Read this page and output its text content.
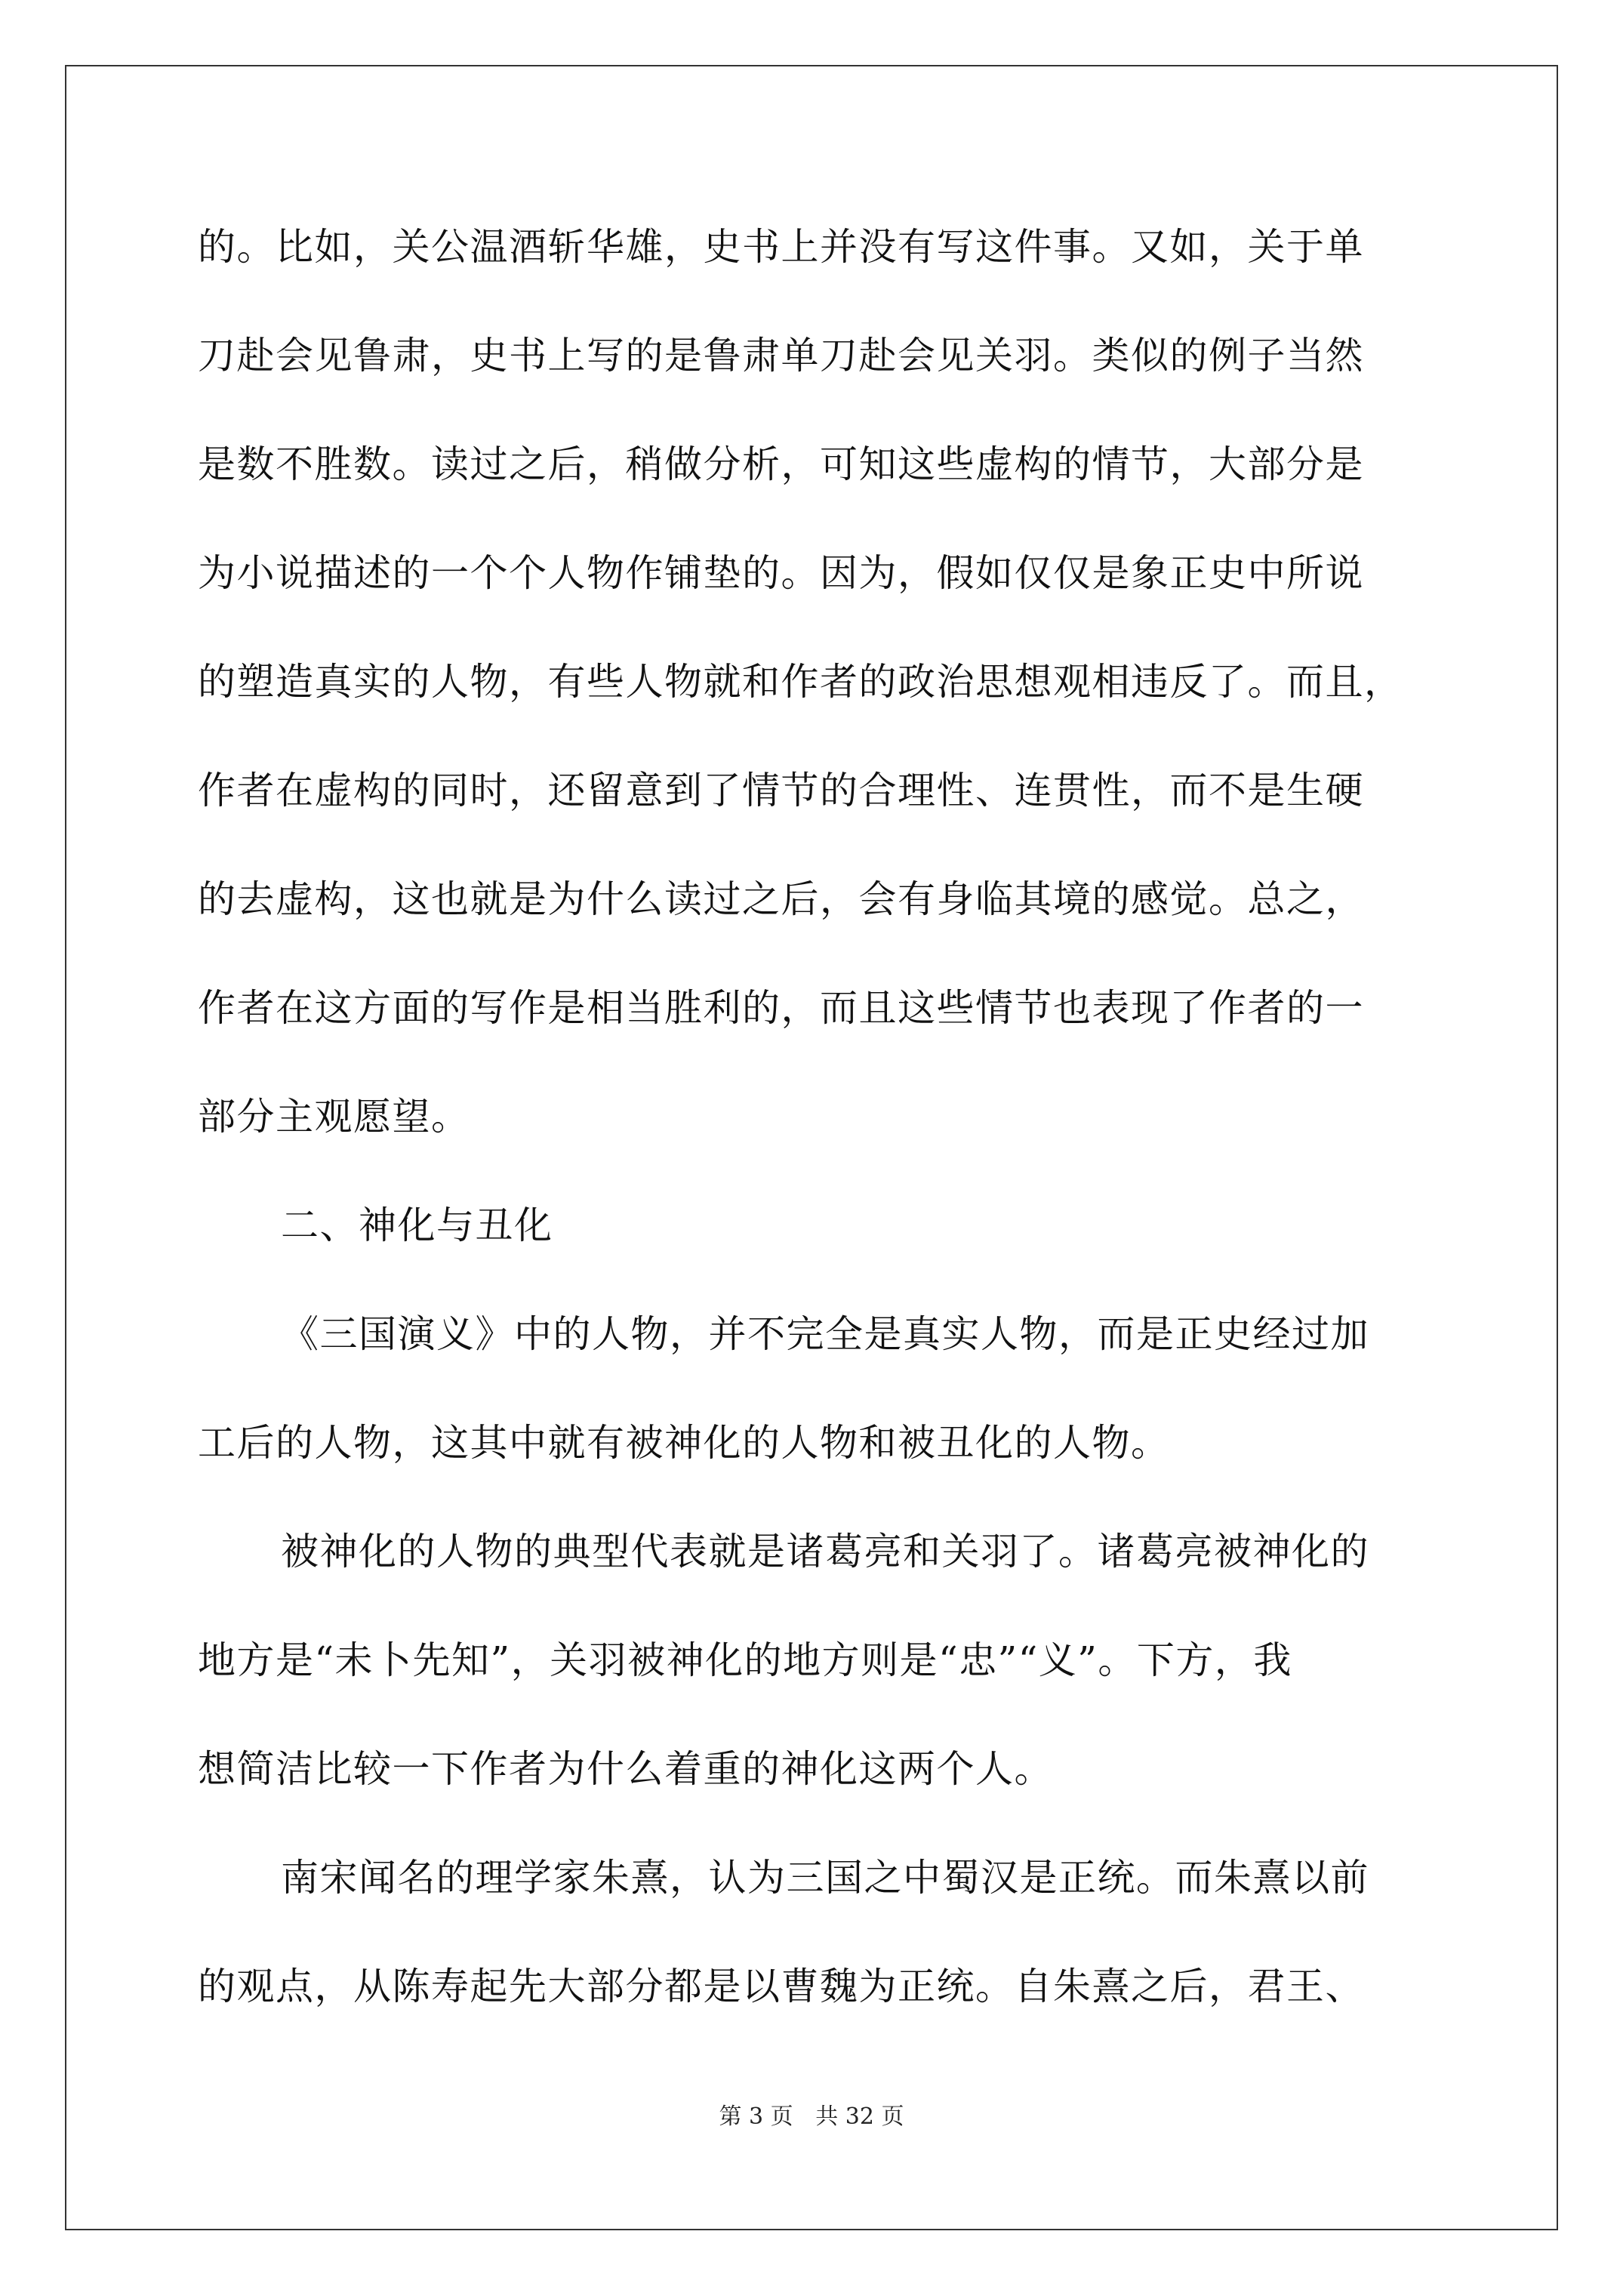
的。比如，关公温酒斩华雄，史书上并没有写这件事。又如，关于单
刀赴会见鲁肃，史书上写的是鲁肃单刀赴会见关羽。类似的例子当然
是数不胜数。读过之后，稍做分析，可知这些虚构的情节，大部分是
为小说描述的一个个人物作铺垫的。因为，假如仅仅是象正史中所说
的塑造真实的人物，有些人物就和作者的政治思想观相违反了。而且，
作者在虚构的同时，还留意到了情节的合理性、连贯性，而不是生硬
的去虚构，这也就是为什么读过之后，会有身临其境的感觉。总之，
作者在这方面的写作是相当胜利的，而且这些情节也表现了作者的一
部分主观愿望。
二、神化与丑化
《三国演义》中的人物，并不完全是真实人物，而是正史经过加
工后的人物，这其中就有被神化的人物和被丑化的人物。
被神化的人物的典型代表就是诸葛亮和关羽了。诸葛亮被神化的
地方是“未卜先知”，关羽被神化的地方则是“忠”“义”。下方，我
想简洁比较一下作者为什么着重的神化这两个人。
南宋闻名的理学家朱熹，认为三国之中蜀汉是正统。而朱熹以前
的观点，从陈寿起先大部分都是以曹魏为正统。自朱熹之后，君王、
第 3 页 共 32 页
